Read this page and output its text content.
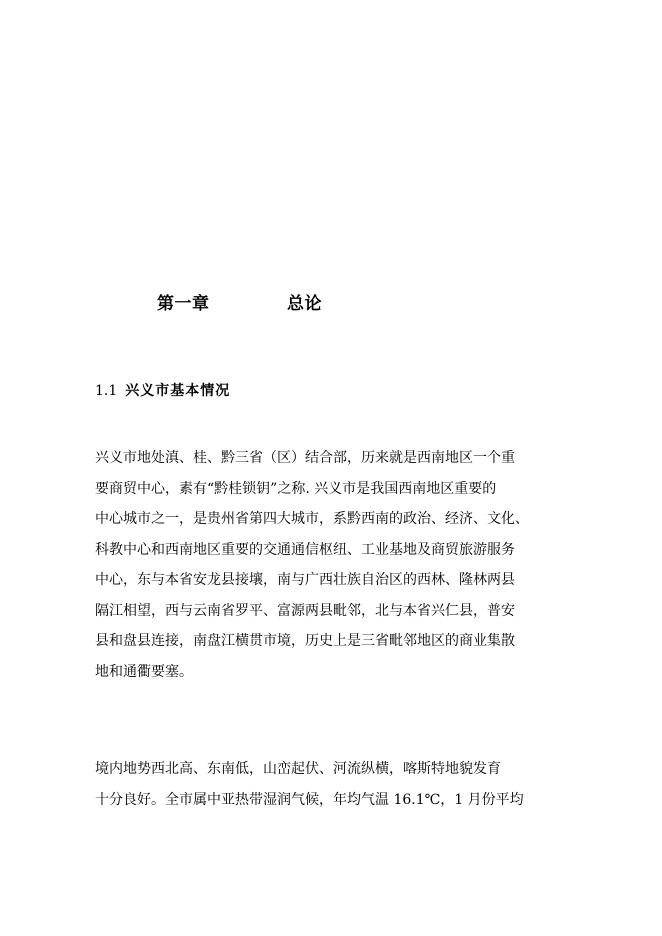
第一章	总论
1.1 兴义市基本情况
兴义市地处滇、桂、黔三省（区）结合部，历来就是西南地区一个重
要商贸中心，素有“黔桂锁钥”之称. 兴义市是我国西南地区重要的
中心城市之一，是贵州省第四大城市，系黔西南的政治、经济、文化、
科教中心和西南地区重要的交通通信枢纽、工业基地及商贸旅游服务
中心，东与本省安龙县接壤，南与广西壮族自治区的西林、隆林两县
隔江相望，西与云南省罗平、富源两县毗邻，北与本省兴仁县，普安
县和盘县连接，南盘江横贯市境，历史上是三省毗邻地区的商业集散
地和通衢要塞。
境内地势西北高、东南低，山峦起伏、河流纵横，喀斯特地貌发育
十分良好。全市属中亚热带湿润气候，年均气温 16.1℃，1 月份平均
